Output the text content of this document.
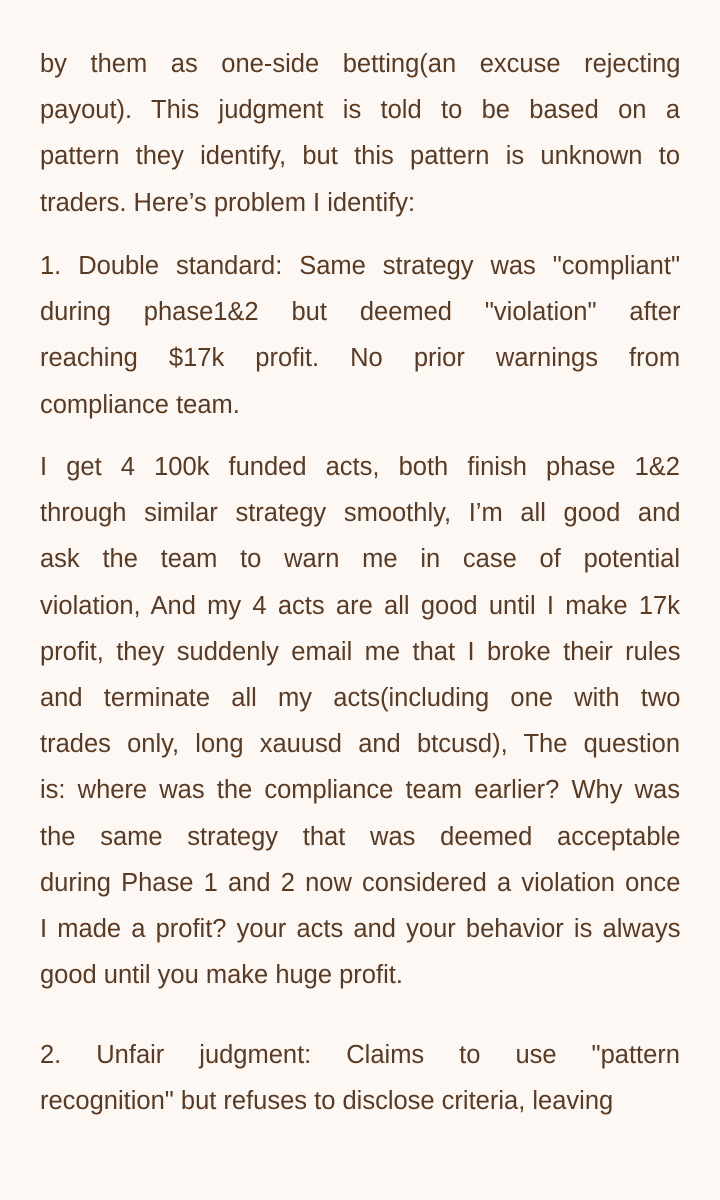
by them as one-side betting(an excuse rejecting
payout). This judgment is told to be based on a
pattern they identify, but this pattern is unknown to
traders. Here’s problem I identify:

1. Double standard: Same strategy was "compliant"
during phase1&2 but deemed "violation" after
reaching $17k profit. No prior warnings from
compliance team.

I get 4 100k funded acts, both finish phase 1&2
through similar strategy smoothly, I’m all good and
ask the team to warn me in case of potential
violation, And my 4 acts are all good until I make 17k
profit, they suddenly email me that I broke their rules
and terminate all my acts(including one with two
trades only, long xauusd and btcusd), The question
is: where was the compliance team earlier? Why was
the same strategy that was deemed acceptable
during Phase 1 and 2 now considered a violation once
I made a profit? your acts and your behavior is always
good until you make huge profit.

2. Unfair judgment: Claims to use "pattern
recognition" but refuses to disclose criteria, leaving
